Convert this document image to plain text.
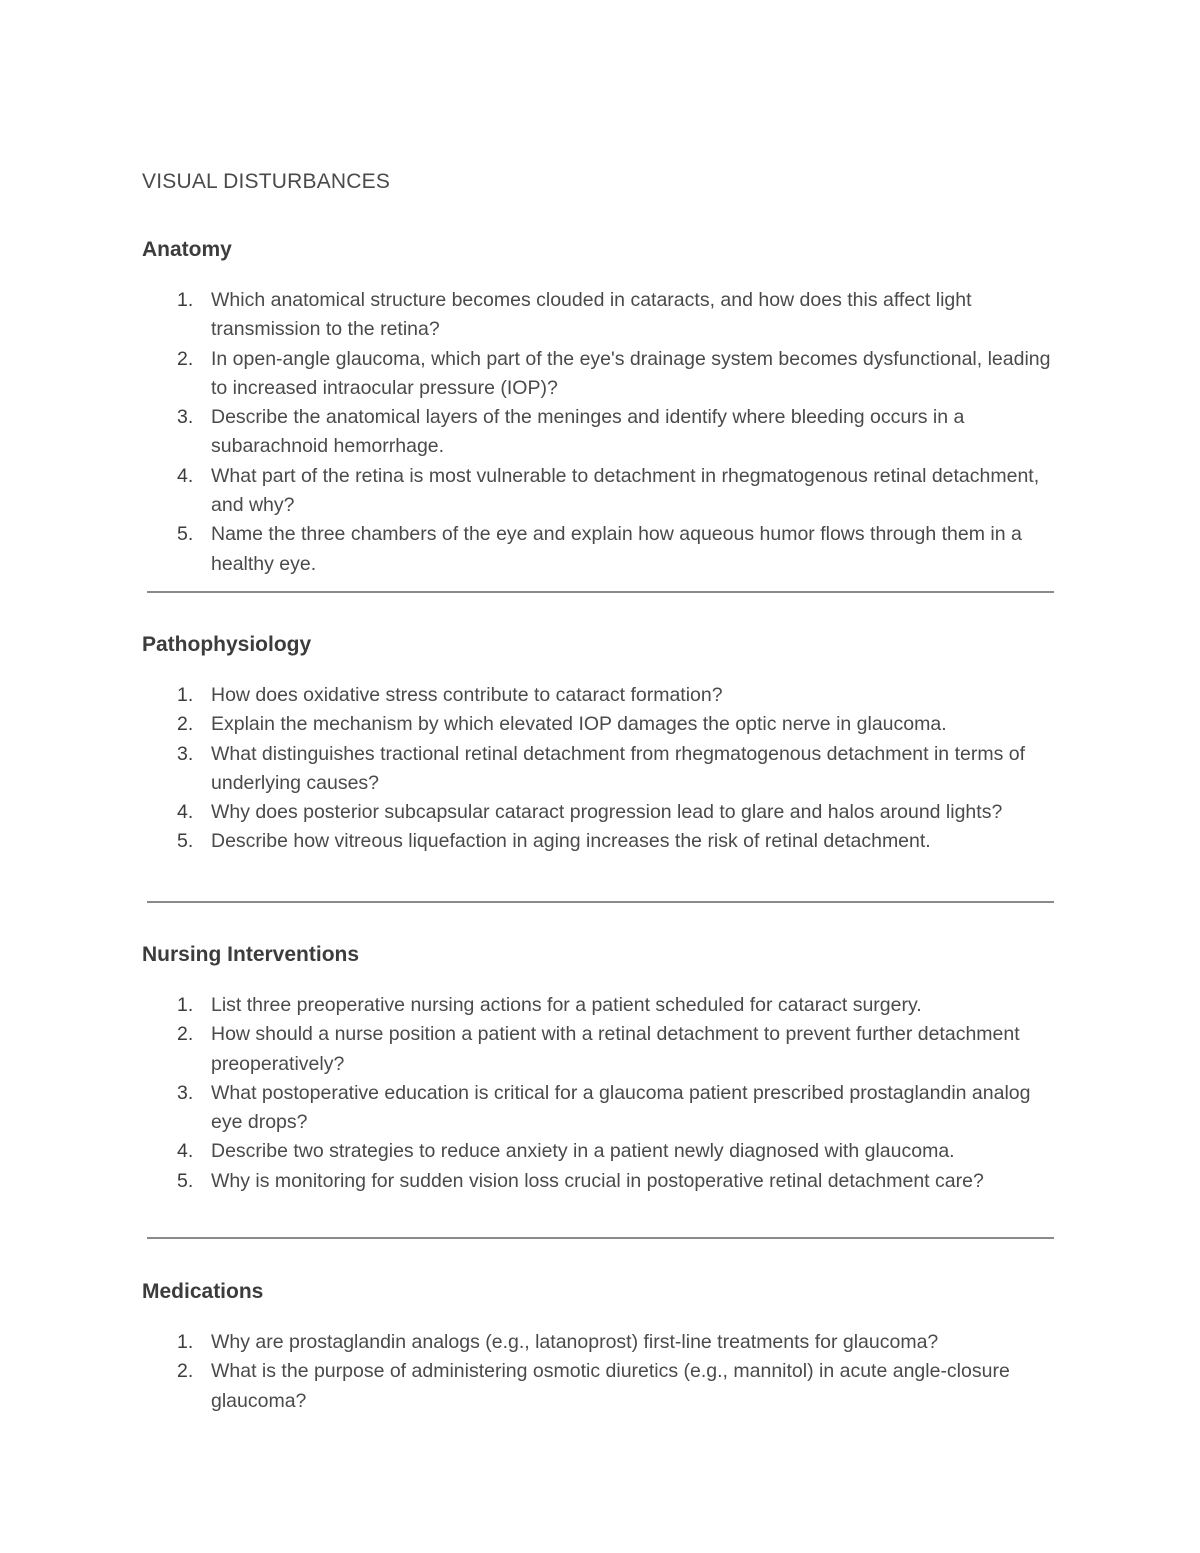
VISUAL DISTURBANCES
Anatomy
1. Which anatomical structure becomes clouded in cataracts, and how does this affect light transmission to the retina?
2. In open-angle glaucoma, which part of the eye's drainage system becomes dysfunctional, leading to increased intraocular pressure (IOP)?
3. Describe the anatomical layers of the meninges and identify where bleeding occurs in a subarachnoid hemorrhage.
4. What part of the retina is most vulnerable to detachment in rhegmatogenous retinal detachment, and why?
5. Name the three chambers of the eye and explain how aqueous humor flows through them in a healthy eye.
Pathophysiology
1. How does oxidative stress contribute to cataract formation?
2. Explain the mechanism by which elevated IOP damages the optic nerve in glaucoma.
3. What distinguishes tractional retinal detachment from rhegmatogenous detachment in terms of underlying causes?
4. Why does posterior subcapsular cataract progression lead to glare and halos around lights?
5. Describe how vitreous liquefaction in aging increases the risk of retinal detachment.
Nursing Interventions
1. List three preoperative nursing actions for a patient scheduled for cataract surgery.
2. How should a nurse position a patient with a retinal detachment to prevent further detachment preoperatively?
3. What postoperative education is critical for a glaucoma patient prescribed prostaglandin analog eye drops?
4. Describe two strategies to reduce anxiety in a patient newly diagnosed with glaucoma.
5. Why is monitoring for sudden vision loss crucial in postoperative retinal detachment care?
Medications
1. Why are prostaglandin analogs (e.g., latanoprost) first-line treatments for glaucoma?
2. What is the purpose of administering osmotic diuretics (e.g., mannitol) in acute angle-closure glaucoma?
